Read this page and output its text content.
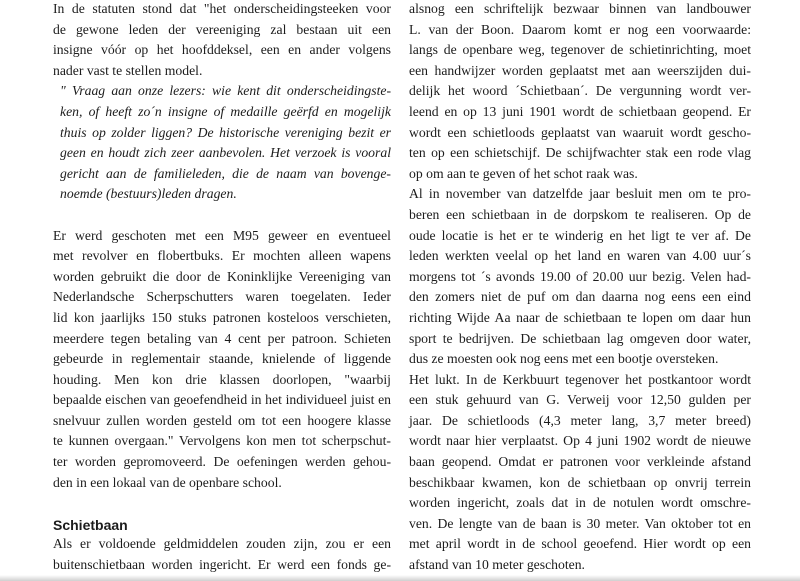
In de statuten stond dat "het onderscheidingsteeken voor
de gewone leden der vereeniging zal bestaan uit een
insigne vóór op het hoofddeksel, een en ander volgens
nader vast te stellen model.
" Vraag aan onze lezers: wie kent dit onderscheidingste-
ken, of heeft zo´n insigne of medaille geërfd en mogelijk
thuis op zolder liggen? De historische vereniging bezit er
geen en houdt zich zeer aanbevolen. Het verzoek is vooral
gericht aan de familieleden, die de naam van bovenge-
noemde (bestuurs)leden dragen.
Er werd geschoten met een M95 geweer en eventueel
met revolver en flobertbuks. Er mochten alleen wapens
worden gebruikt die door de Koninklijke Vereeniging van
Nederlandsche Scherpschutters waren toegelaten. Ieder
lid kon jaarlijks 150 stuks patronen kosteloos verschieten,
meerdere tegen betaling van 4 cent per patroon. Schieten
gebeurde in reglementair staande, knielende of liggende
houding. Men kon drie klassen doorlopen, "waarbij
bepaalde eischen van geoefendheid in het individueel juist en
snelvuur zullen worden gesteld om tot een hoogere klasse
te kunnen overgaan." Vervolgens kon men tot scherpschut-
ter worden gepromoveerd. De oefeningen werden gehou-
den in een lokaal van de openbare school.
Schietbaan
Als er voldoende geldmiddelen zouden zijn, zou er een
buitenschietbaan worden ingericht. Er werd een fonds ge-
alsnog een schriftelijk bezwaar binnen van landbouwer
L. van der Boon. Daarom komt er nog een voorwaarde:
langs de openbare weg, tegenover de schietinrichting, moet
een handwijzer worden geplaatst met aan weerszijden dui-
delijk het woord ´Schietbaan´. De vergunning wordt ver-
leend en op 13 juni 1901 wordt de schietbaan geopend. Er
wordt een schietloods geplaatst van waaruit wordt gescho-
ten op een schietschijf. De schijfwachter stak een rode vlag
op om aan te geven of het schot raak was.
Al in november van datzelfde jaar besluit men om te pro-
beren een schietbaan in de dorpskom te realiseren. Op de
oude locatie is het er te winderig en het ligt te ver af. De
leden werkten veelal op het land en waren van 4.00 uur´s
morgens tot ´s avonds 19.00 of 20.00 uur bezig. Velen had-
den zomers niet de puf om dan daarna nog eens een eind
richting Wijde Aa naar de schietbaan te lopen om daar hun
sport te bedrijven. De schietbaan lag omgeven door water,
dus ze moesten ook nog eens met een bootje oversteken.
Het lukt. In de Kerkbuurt tegenover het postkantoor wordt
een stuk gehuurd van G. Verweij voor 12,50 gulden per
jaar. De schietloods (4,3 meter lang, 3,7 meter breed)
wordt naar hier verplaatst. Op 4 juni 1902 wordt de nieuwe
baan geopend. Omdat er patronen voor verkleinde afstand
beschikbaar kwamen, kon de schietbaan op onvrij terrein
worden ingericht, zoals dat in de notulen wordt omschre-
ven. De lengte van de baan is 30 meter. Van oktober tot en
met april wordt in de school geoefend. Hier wordt op een
afstand van 10 meter geschoten.
